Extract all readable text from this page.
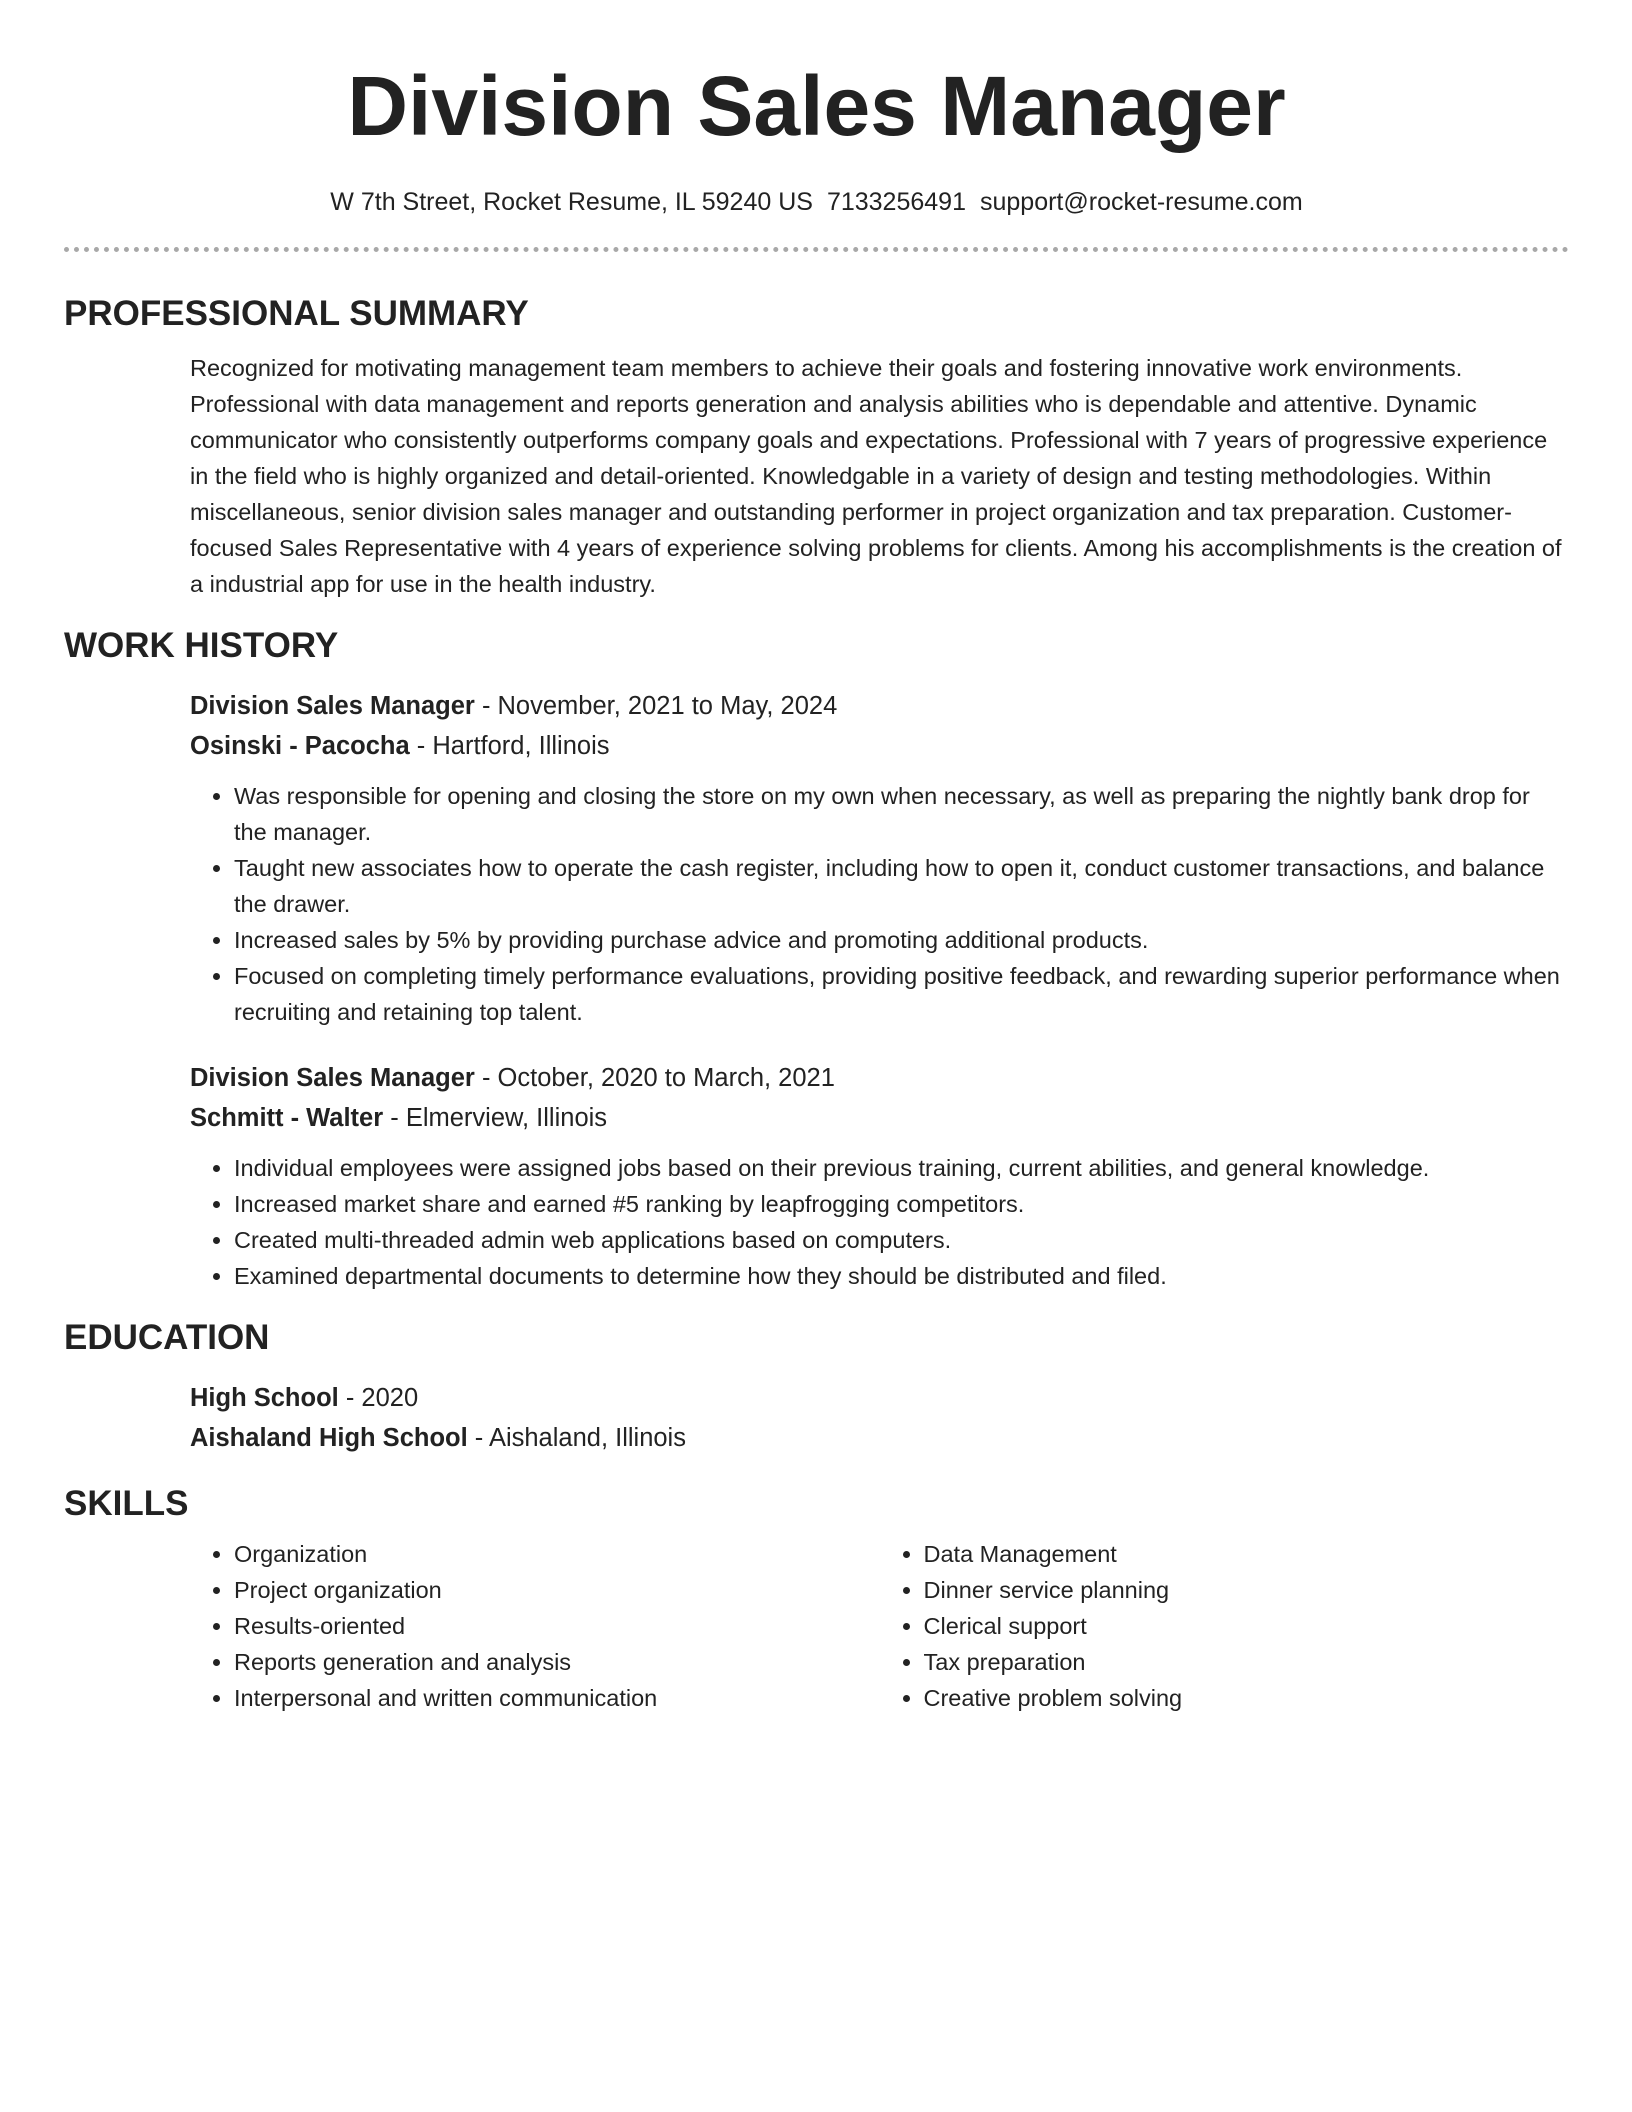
Division Sales Manager
W 7th Street, Rocket Resume, IL 59240 US 7133256491 support@rocket-resume.com
PROFESSIONAL SUMMARY

Recognized for motivating management team members to achieve their goals and fostering innovative work environments. Professional with data management and reports generation and analysis abilities who is dependable and attentive. Dynamic communicator who consistently outperforms company goals and expectations. Professional with 7 years of progressive experience in the field who is highly organized and detail-oriented. Knowledgable in a variety of design and testing methodologies. Within miscellaneous, senior division sales manager and outstanding performer in project organization and tax preparation. Customer-focused Sales Representative with 4 years of experience solving problems for clients. Among his accomplishments is the creation of a industrial app for use in the health industry.

WORK HISTORY
Division Sales Manager - November, 2021 to May, 2024
Osinski - Pacocha - Hartford, Illinois
• Was responsible for opening and closing the store on my own when necessary, as well as preparing the nightly bank drop for the manager.
• Taught new associates how to operate the cash register, including how to open it, conduct customer transactions, and balance the drawer.
• Increased sales by 5% by providing purchase advice and promoting additional products.
• Focused on completing timely performance evaluations, providing positive feedback, and rewarding superior performance when recruiting and retaining top talent.
Division Sales Manager - October, 2020 to March, 2021
Schmitt - Walter - Elmerview, Illinois
• Individual employees were assigned jobs based on their previous training, current abilities, and general knowledge.
• Increased market share and earned #5 ranking by leapfrogging competitors.
• Created multi-threaded admin web applications based on computers.
• Examined departmental documents to determine how they should be distributed and filed.
EDUCATION
High School - 2020
Aishaland High School - Aishaland, Illinois
SKILLS
• Organization
• Project organization
• Results-oriented
• Reports generation and analysis
• Interpersonal and written communication
• Data Management
• Dinner service planning
• Clerical support
• Tax preparation
• Creative problem solving
